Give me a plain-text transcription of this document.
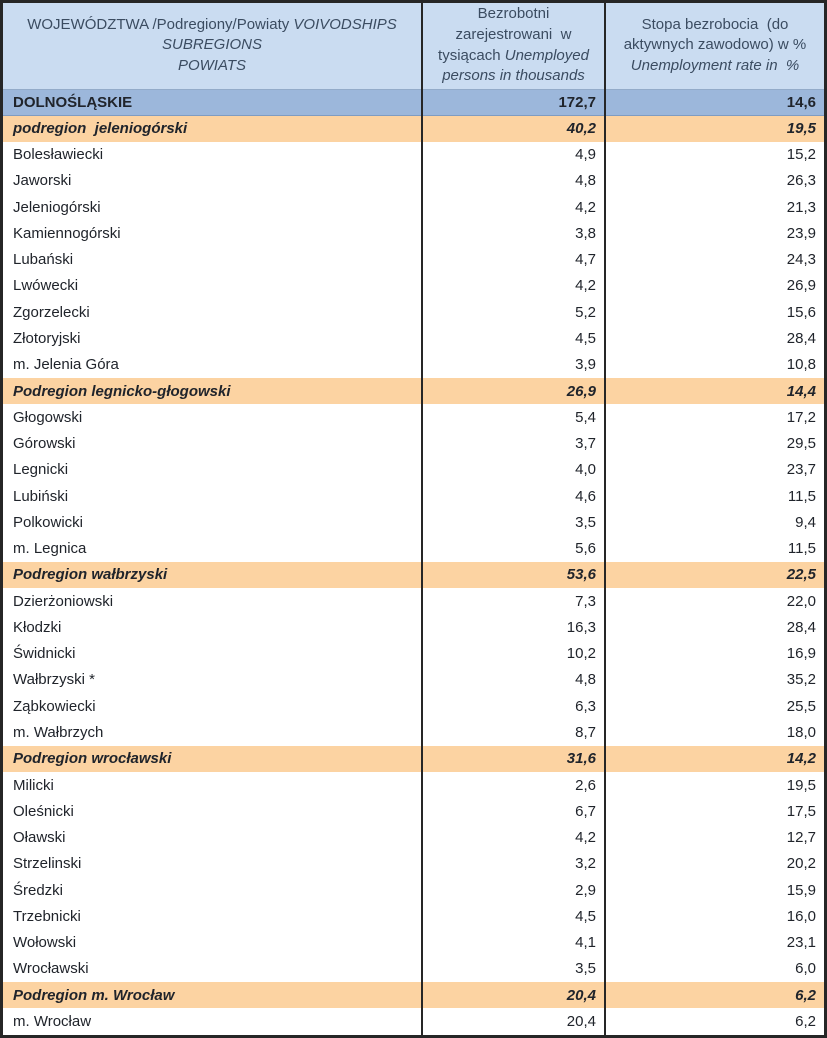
WOJEWÓDZTWA /Podregiony/Powiaty VOIVODSHIPS
SUBREGIONS
POWIATS

Bezrobotni
zarejestrowani  w
tysiącach Unemployed
persons in thousands

Stopa bezrobocia  (do
aktywnych zawodowo) w %
Unemployment rate in  %

DOLNOŚLĄSKIE	172,7	14,6
podregion  jeleniogórski	40,2	19,5
Bolesławiecki	4,9	15,2
Jaworski	4,8	26,3
Jeleniogórski	4,2	21,3
Kamiennogórski	3,8	23,9
Lubański	4,7	24,3
Lwówecki	4,2	26,9
Zgorzelecki	5,2	15,6
Złotoryjski	4,5	28,4
m. Jelenia Góra	3,9	10,8
Podregion legnicko-głogowski	26,9	14,4
Głogowski	5,4	17,2
Górowski	3,7	29,5
Legnicki	4,0	23,7
Lubiński	4,6	11,5
Polkowicki	3,5	9,4
m. Legnica	5,6	11,5
Podregion wałbrzyski	53,6	22,5
Dzierżoniowski	7,3	22,0
Kłodzki	16,3	28,4
Świdnicki	10,2	16,9
Wałbrzyski *	4,8	35,2
Ząbkowiecki	6,3	25,5
m. Wałbrzych	8,7	18,0
Podregion wrocławski	31,6	14,2
Milicki	2,6	19,5
Oleśnicki	6,7	17,5
Oławski	4,2	12,7
Strzelinski	3,2	20,2
Średzki	2,9	15,9
Trzebnicki	4,5	16,0
Wołowski	4,1	23,1
Wrocławski	3,5	6,0
Podregion m. Wrocław	20,4	6,2
m. Wrocław	20,4	6,2
